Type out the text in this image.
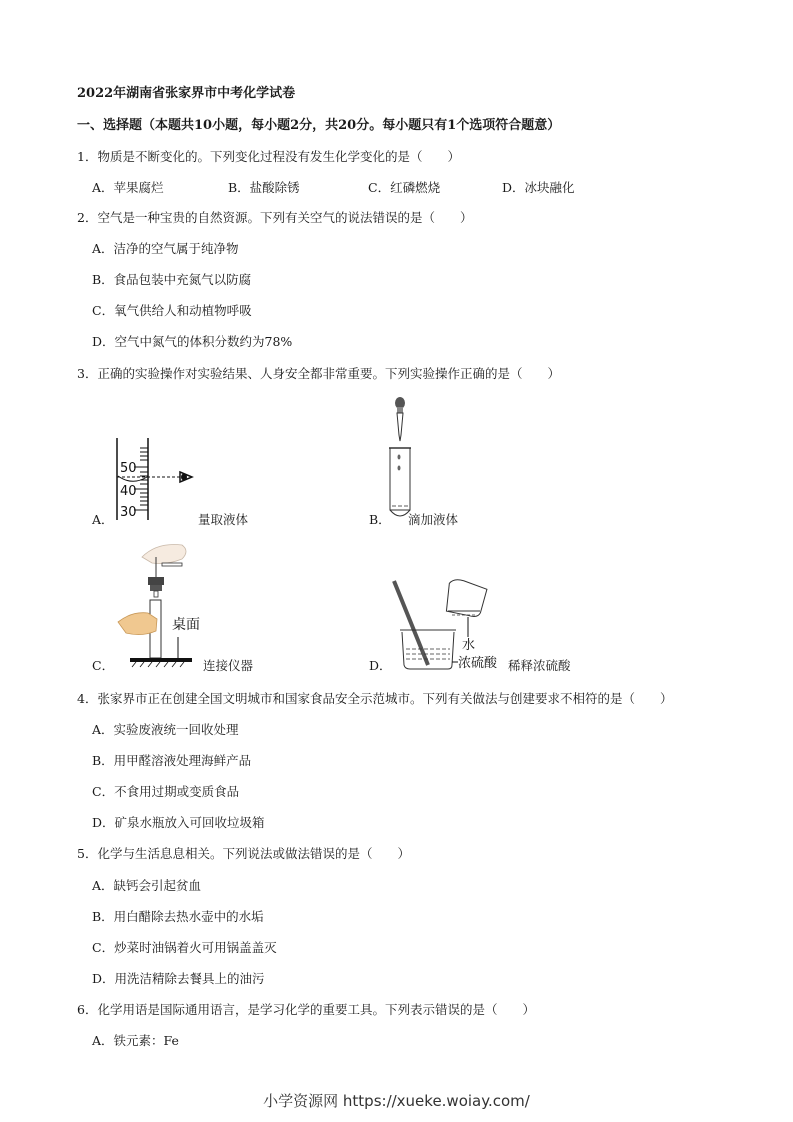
2022年湖南省张家界市中考化学试卷
一、选择题（本题共10小题，每小题2分，共20分。每小题只有1个选项符合题意）
1．物质是不断变化的。下列变化过程没有发生化学变化的是（　　）
A．苹果腐烂	B．盐酸除锈	C．红磷燃烧	D．冰块融化
2．空气是一种宝贵的自然资源。下列有关空气的说法错误的是（　　）
A．洁净的空气属于纯净物
B．食品包装中充氮气以防腐
C．氧气供给人和动植物呼吸
D．空气中氮气的体积分数约为78%
3．正确的实验操作对实验结果、人身安全都非常重要。下列实验操作正确的是（　　）
A．
50
40
30	量取液体	B． 滴加液体
C．
桌面
连接仪器	D．
水
浓硫酸 稀释浓硫酸
4．张家界市正在创建全国文明城市和国家食品安全示范城市。下列有关做法与创建要求不相符的是（　　）
A．实验废液统一回收处理
B．用甲醛溶液处理海鲜产品
C．不食用过期或变质食品
D．矿泉水瓶放入可回收垃圾箱
5．化学与生活息息相关。下列说法或做法错误的是（　　）
A．缺钙会引起贫血
B．用白醋除去热水壶中的水垢
C．炒菜时油锅着火可用锅盖盖灭
D．用洗洁精除去餐具上的油污
6．化学用语是国际通用语言，是学习化学的重要工具。下列表示错误的是（　　）
A．铁元素：Fe
小学资源网 https://xueke.woiay.com/
